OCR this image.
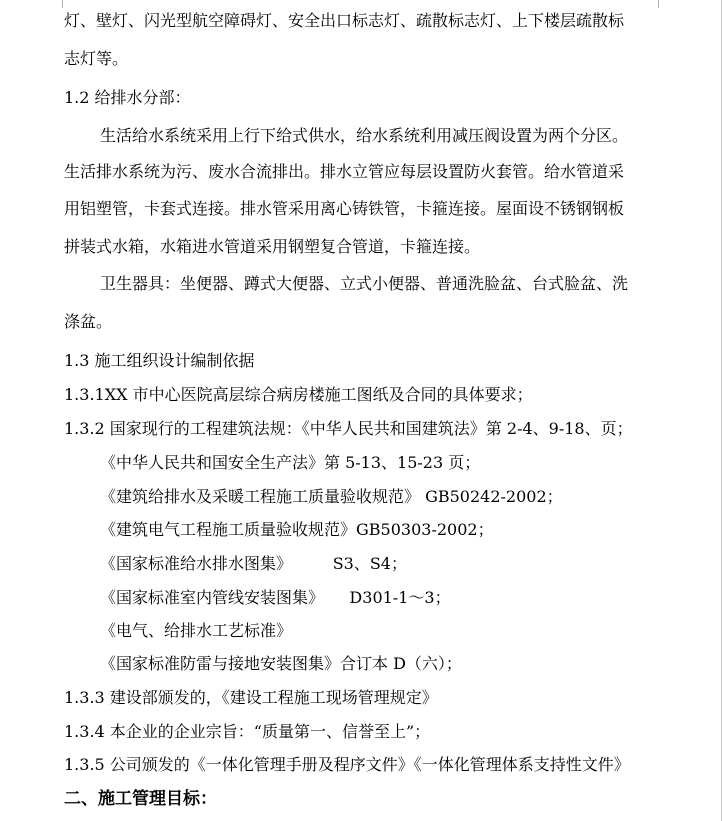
灯、壁灯、闪光型航空障碍灯、安全出口标志灯、疏散标志灯、上下楼层疏散标
志灯等。
1.2 给排水分部：
生活给水系统采用上行下给式供水，给水系统利用减压阀设置为两个分区。
生活排水系统为污、废水合流排出。排水立管应每层设置防火套管。给水管道采
用铝塑管，卡套式连接。排水管采用离心铸铁管，卡箍连接。屋面设不锈钢钢板
拼装式水箱，水箱进水管道采用钢塑复合管道，卡箍连接。
卫生器具：坐便器、蹲式大便器、立式小便器、普通洗脸盆、台式脸盆、洗
涤盆。
1.3 施工组织设计编制依据
1.3.1XX 市中心医院高层综合病房楼施工图纸及合同的具体要求；
1.3.2 国家现行的工程建筑法规：《中华人民共和国建筑法》第 2-4、9-18、页；
《中华人民共和国安全生产法》第 5-13、15-23 页；
《建筑给排水及采暖工程施工质量验收规范》 GB50242-2002；
《建筑电气工程施工质量验收规范》GB50303-2002；
《国家标准给水排水图集》        S3、S4；
《国家标准室内管线安装图集》     D301-1～3；
《电气、给排水工艺标准》
《国家标准防雷与接地安装图集》合订本 D（六）；
1.3.3 建设部颁发的，《建设工程施工现场管理规定》
1.3.4 本企业的企业宗旨：“质量第一、信誉至上”；
1.3.5 公司颁发的《一体化管理手册及程序文件》《一体化管理体系支持性文件》
二、施工管理目标：
